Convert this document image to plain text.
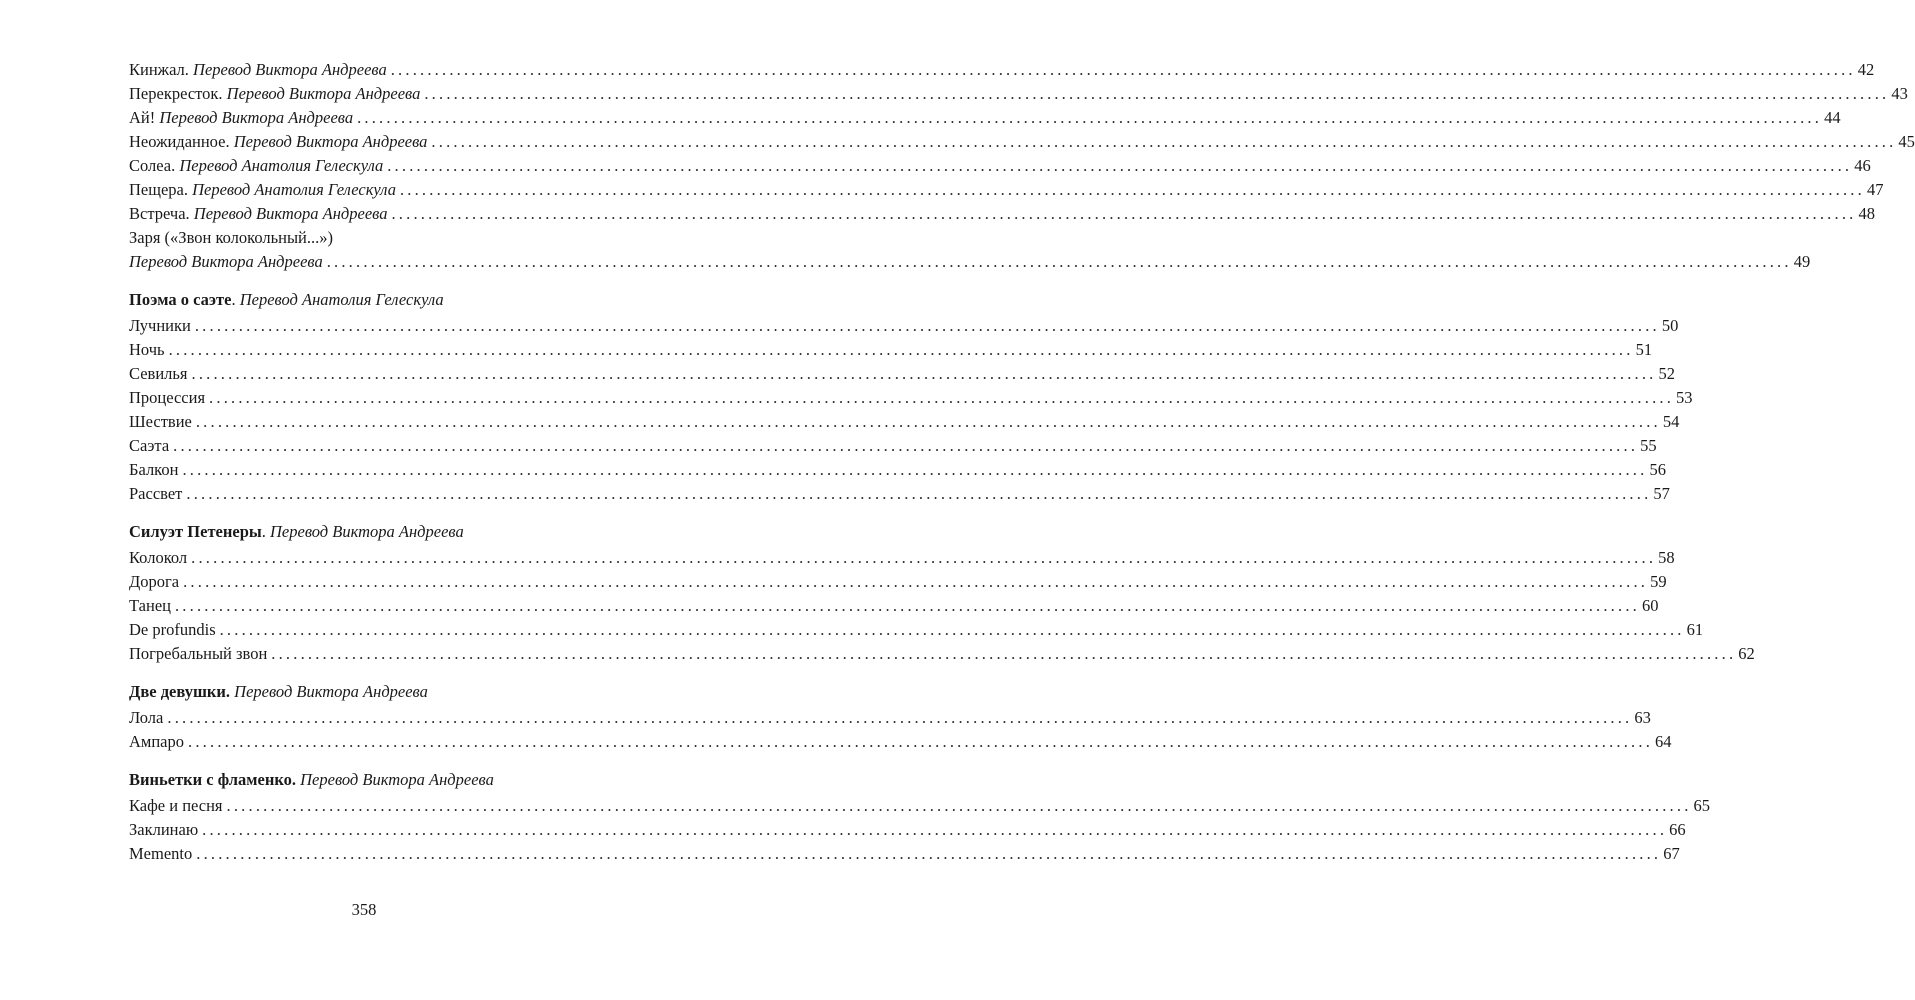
Кинжал. Перевод Виктора Андреева ........................................................................................................................................................................................................ 42
Перекресток. Перевод Виктора Андреева ........................................................................................................................................................................................................ 43
Ай! Перевод Виктора Андреева ........................................................................................................................................................................................................ 44
Неожиданное. Перевод Виктора Андреева ........................................................................................................................................................................................................ 45
Солеа. Перевод Анатолия Гелескула ........................................................................................................................................................................................................ 46
Пещера. Перевод Анатолия Гелескула ........................................................................................................................................................................................................ 47
Встреча. Перевод Виктора Андреева ........................................................................................................................................................................................................ 48
Заря («Звон колокольный...»)
Перевод Виктора Андреева ........................................................................................................................................................................................................ 49
Поэма о саэте. Перевод Анатолия Гелескула
Лучники ........................................................................................................................................................................................................ 50
Ночь ........................................................................................................................................................................................................ 51
Севилья ........................................................................................................................................................................................................ 52
Процессия ........................................................................................................................................................................................................ 53
Шествие ........................................................................................................................................................................................................ 54
Саэта ........................................................................................................................................................................................................ 55
Балкон ........................................................................................................................................................................................................ 56
Рассвет ........................................................................................................................................................................................................ 57
Силуэт Петенеры. Перевод Виктора Андреева
Колокол ........................................................................................................................................................................................................ 58
Дорога ........................................................................................................................................................................................................ 59
Танец ........................................................................................................................................................................................................ 60
De profundis ........................................................................................................................................................................................................ 61
Погребальный звон ........................................................................................................................................................................................................ 62
Две девушки. Перевод Виктора Андреева
Лола ........................................................................................................................................................................................................ 63
Ампаро ........................................................................................................................................................................................................ 64
Виньетки с фламенко. Перевод Виктора Андреева
Кафе и песня ........................................................................................................................................................................................................ 65
Заклинаю ........................................................................................................................................................................................................ 66
Memento ........................................................................................................................................................................................................ 67
358
